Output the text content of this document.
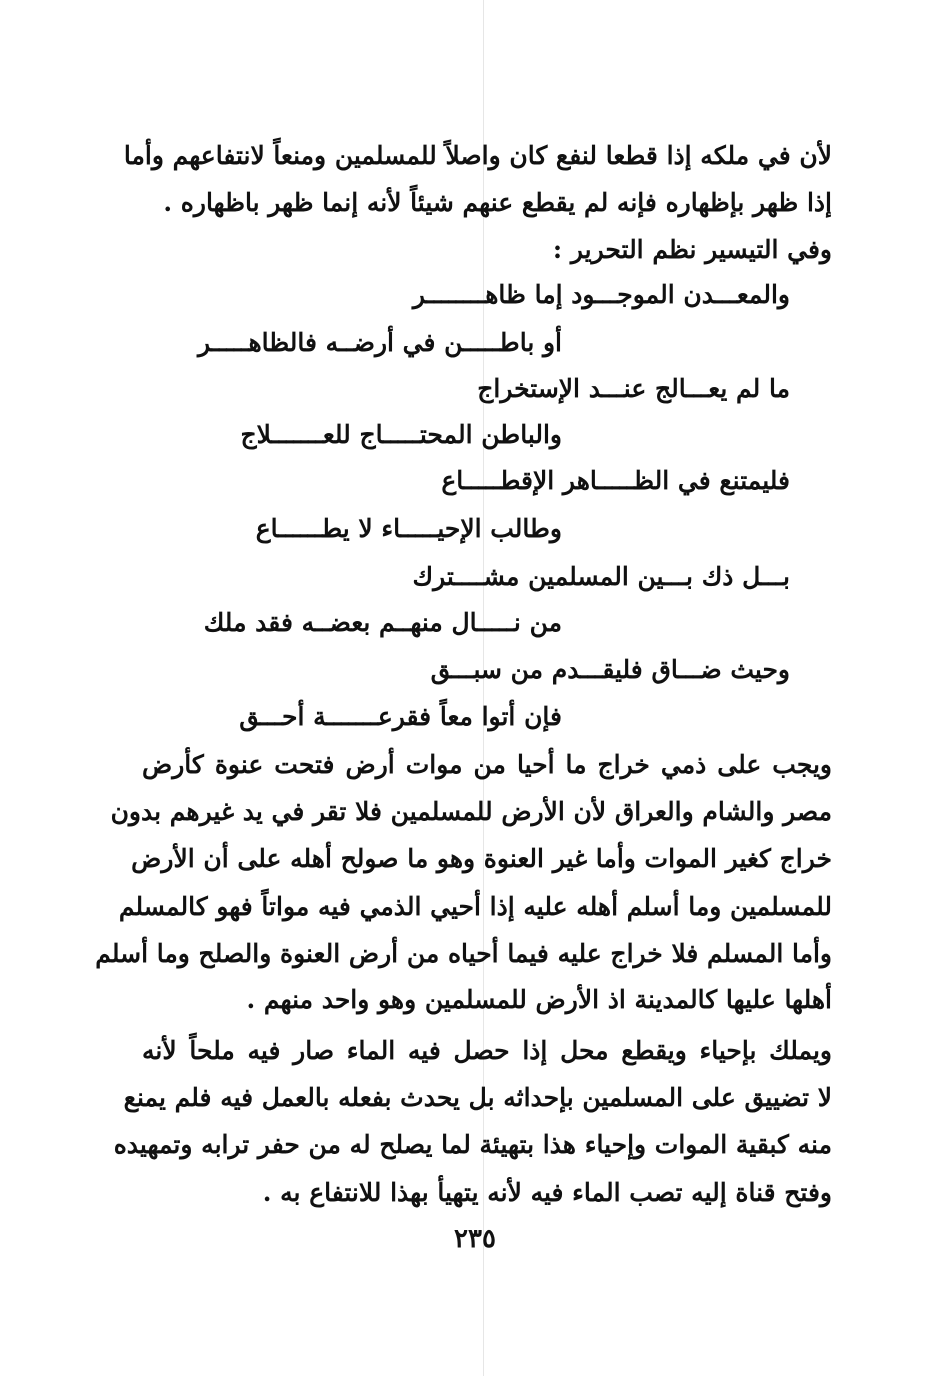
لأن في ملكه إذا قطعا لنفع كان واصلاً للمسلمين ومنعاً لانتفاعهم وأما
إذا ظهر بإظهاره فإنه لم يقطع عنهم شيئاً لأنه إنما ظهر باظهاره .
وفي التيسير نظم التحرير :
والمعـــدن الموجـــود إما ظاهــــــــر
أو باطـــــن في أرضــه فالظاهـــــر
ما لم يعـــالج عنـــد الإستخراج
والباطن المحتـــــاج للعـــــــلاج
فليمتنع في الظـــــاهر الإقطـــــاع
وطالب الإحيـــــاء لا يطــــــاع
بـــل ذك بـــين المسلمين مشــــترك
من نـــــال منهــم بعضــه فقد ملك
وحيث ضـــاق فليقـــدم من سبـــق
فإن أتوا معاً فقرعـــــــة أحـــق
ويجب على ذمي خراج ما أحيا من موات أرض فتحت عنوة كأرض
مصر والشام والعراق لأن الأرض للمسلمين فلا تقر في يد غيرهم بدون
خراج كغير الموات وأما غير العنوة وهو ما صولح أهله على أن الأرض
للمسلمين وما أسلم أهله عليه إذا أحيي الذمي فيه مواتاً فهو كالمسلم
وأما المسلم فلا خراج عليه فيما أحياه من أرض العنوة والصلح وما أسلم
أهلها عليها كالمدينة اذ الأرض للمسلمين وهو واحد منهم .
ويملك بإحياء ويقطع محل إذا حصل فيه الماء صار فيه ملحاً لأنه
لا تضييق على المسلمين بإحداثه بل يحدث بفعله بالعمل فيه فلم يمنع
منه كبقية الموات وإحياء هذا بتهيئة لما يصلح له من حفر ترابه وتمهيده
وفتح قناة إليه تصب الماء فيه لأنه يتهيأ بهذا للانتفاع به .
٢٣٥
